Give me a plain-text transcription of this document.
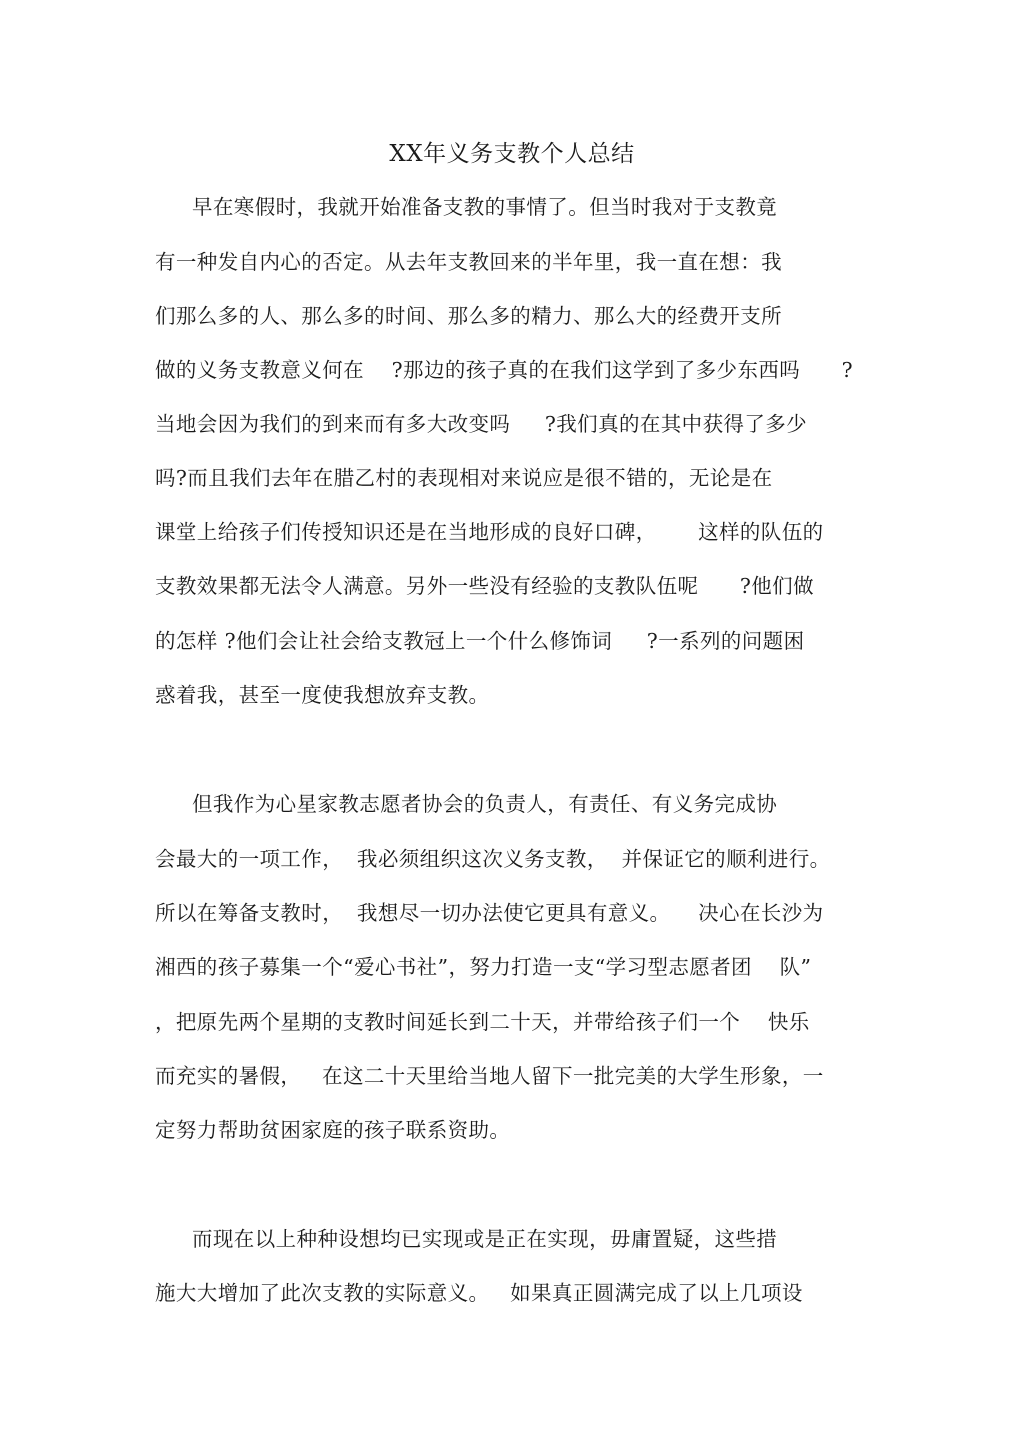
XX年义务支教个人总结
早在寒假时，我就开始准备支教的事情了。但当时我对于支教竟
有一种发自内心的否定。从去年支教回来的半年里，我一直在想：我
们那么多的人、那么多的时间、那么多的精力、那么大的经费开支所
做的义务支教意义何在    ?那边的孩子真的在我们这学到了多少东西吗      ?
当地会因为我们的到来而有多大改变吗     ?我们真的在其中获得了多少
吗?而且我们去年在腊乙村的表现相对来说应是很不错的，无论是在
课堂上给孩子们传授知识还是在当地形成的良好口碑，      这样的队伍的
支教效果都无法令人满意。另外一些没有经验的支教队伍呢      ?他们做
的怎样 ?他们会让社会给支教冠上一个什么修饰词     ?一系列的问题困
惑着我，甚至一度使我想放弃支教。
但我作为心星家教志愿者协会的负责人，有责任、有义务完成协
会最大的一项工作，  我必须组织这次义务支教，  并保证它的顺利进行。
所以在筹备支教时，  我想尽一切办法使它更具有意义。    决心在长沙为
湘西的孩子募集一个“爱心书社”，努力打造一支“学习型志愿者团    队”
，把原先两个星期的支教时间延长到二十天，并带给孩子们一个    快乐
而充实的暑假，   在这二十天里给当地人留下一批完美的大学生形象，一
定努力帮助贫困家庭的孩子联系资助。
而现在以上种种设想均已实现或是正在实现，毋庸置疑，这些措
施大大增加了此次支教的实际意义。   如果真正圆满完成了以上几项设
